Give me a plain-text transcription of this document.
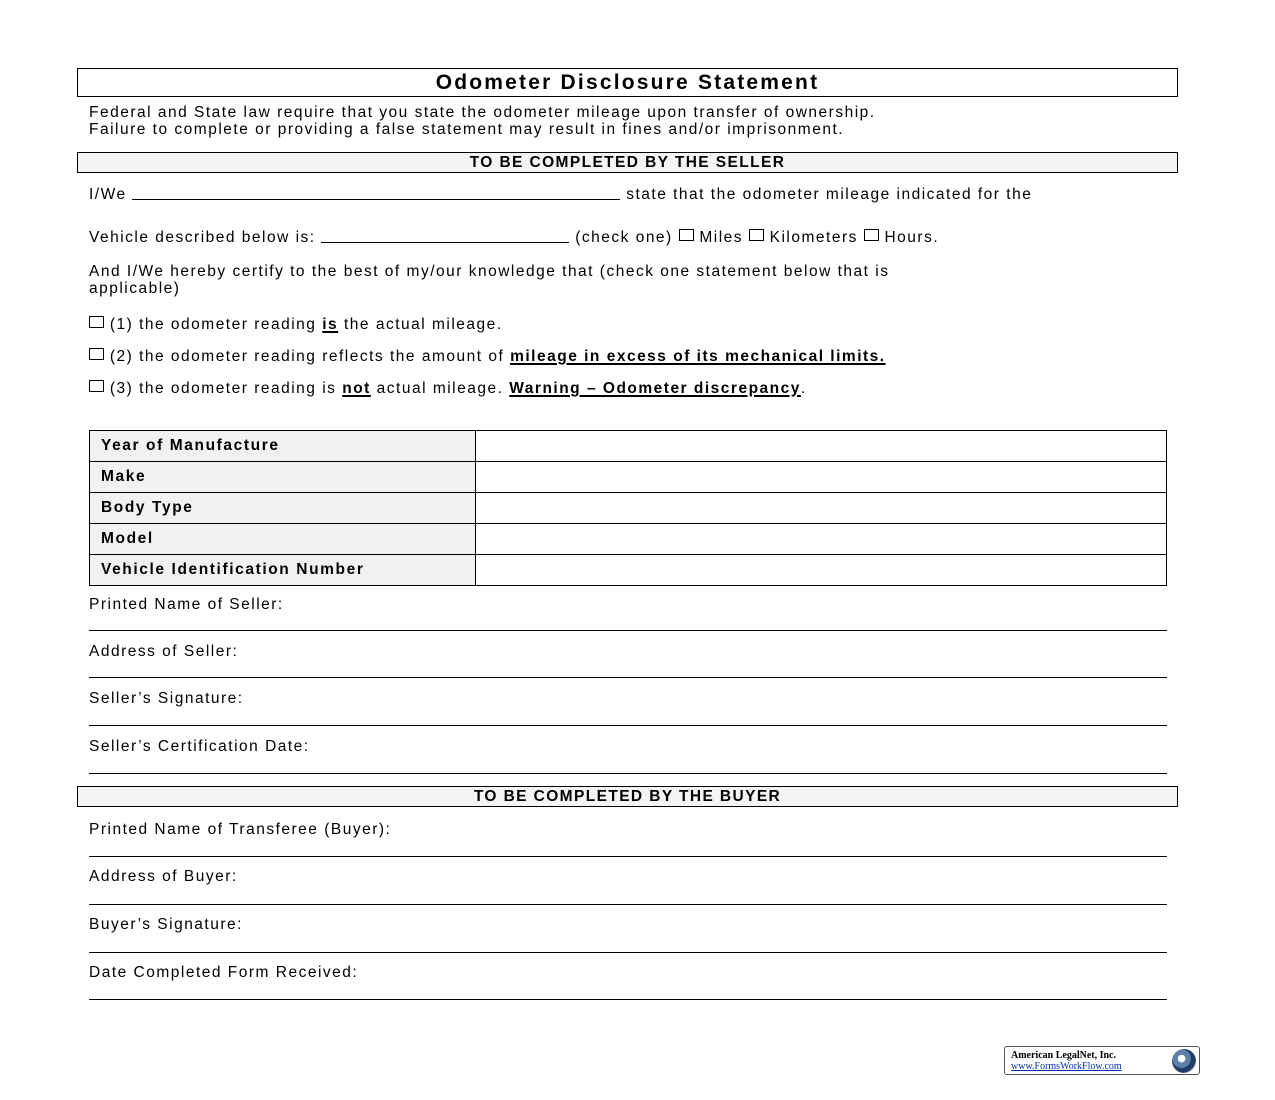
Odometer Disclosure Statement
Federal and State law require that you state the odometer mileage upon transfer of ownership.
Failure to complete or providing a false statement may result in fines and/or imprisonment.
TO BE COMPLETED BY THE SELLER
I/We	state that the odometer mileage indicated for the
Vehicle described below is:	(check one) Miles Kilometers Hours.
And I/We hereby certify to the best of my/our knowledge that (check one statement below that is
applicable)
(1) the odometer reading is the actual mileage.
(2) the odometer reading reflects the amount of mileage in excess of its mechanical limits.
(3) the odometer reading is not actual mileage. Warning – Odometer discrepancy.
Year of Manufacture	
Make	
Body Type	
Model	
Vehicle Identification Number	
Printed Name of Seller:
Address of Seller:
Seller’s Signature:
Seller’s Certification Date:
TO BE COMPLETED BY THE BUYER
Printed Name of Transferee (Buyer):
Address of Buyer:
Buyer’s Signature:
Date Completed Form Received:
American LegalNet, Inc.
www.FormsWorkFlow.com
